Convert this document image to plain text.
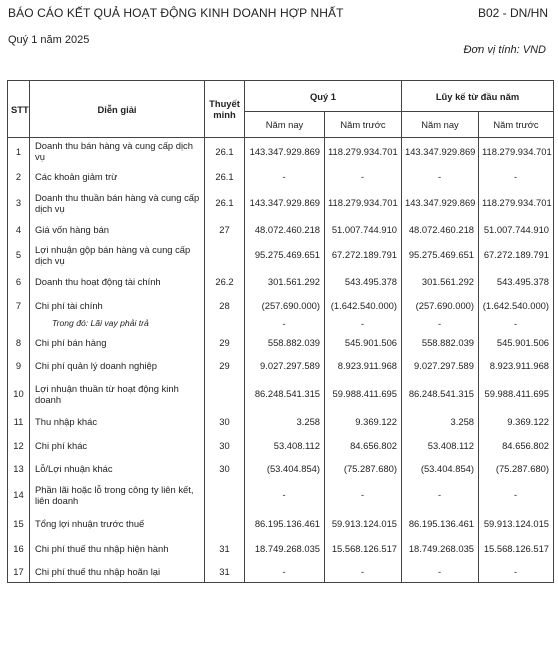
BÁO CÁO KẾT QUẢ HOẠT ĐỘNG KINH DOANH HỢP NHẤT	B02 - DN/HN
Quý 1 năm 2025
Đơn vị tính: VND
STT	Diễn giải	Thuyết minh	Quý 1		Lũy kế từ đầu năm	
			Năm nay	Năm trước	Năm nay	Năm trước
1	Doanh thu bán hàng và cung cấp dịch vụ	26.1	143.347.929.869	118.279.934.701	143.347.929.869	118.279.934.701
2	Các khoản giảm trừ	26.1	-	-	-	-
3	Doanh thu thuần bán hàng và cung cấp dịch vụ	26.1	143.347.929.869	118.279.934.701	143.347.929.869	118.279.934.701
4	Giá vốn hàng bán	27	48.072.460.218	51.007.744.910	48.072.460.218	51.007.744.910
5	Lợi nhuận gộp bán hàng và cung cấp dịch vụ		95.275.469.651	67.272.189.791	95.275.469.651	67.272.189.791
6	Doanh thu hoạt động tài chính	26.2	301.561.292	543.495.378	301.561.292	543.495.378
7	Chi phí tài chính	28	(257.690.000)	(1.642.540.000)	(257.690.000)	(1.642.540.000)
	Trong đó: Lãi vay phải trả		-	-	-	-
8	Chi phí bán hàng	29	558.882.039	545.901.506	558.882.039	545.901.506
9	Chi phí quản lý doanh nghiệp	29	9.027.297.589	8.923.911.968	9.027.297.589	8.923.911.968
10	Lợi nhuận thuần từ hoạt động kinh doanh		86.248.541.315	59.988.411.695	86.248.541.315	59.988.411.695
11	Thu nhập khác	30	3.258	9.369.122	3.258	9.369.122
12	Chi phí khác	30	53.408.112	84.656.802	53.408.112	84.656.802
13	Lỗ/Lợi nhuận khác	30	(53.404.854)	(75.287.680)	(53.404.854)	(75.287.680)
14	Phần lãi hoặc lỗ trong công ty liên kết, liên doanh		-	-	-	-
15	Tổng lợi nhuận trước thuế		86.195.136.461	59.913.124.015	86.195.136.461	59.913.124.015
16	Chi phí thuế thu nhập hiện hành	31	18.749.268.035	15.568.126.517	18.749.268.035	15.568.126.517
17	Chi phí thuế thu nhập hoãn lại	31	-	-	-	-
